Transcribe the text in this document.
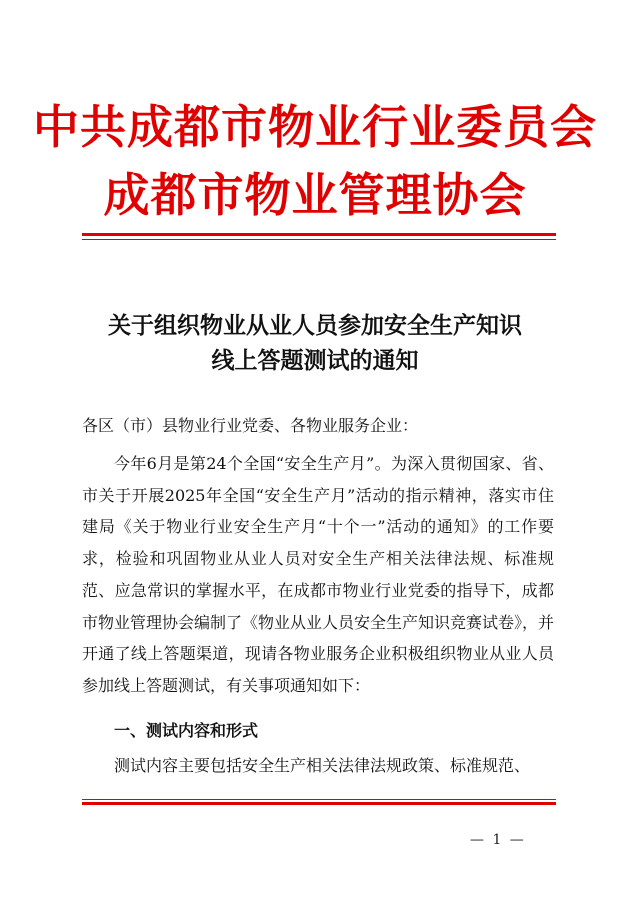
中共成都市物业行业委员会
成都市物业管理协会
关于组织物业从业人员参加安全生产知识
线上答题测试的通知
各区（市）县物业行业党委、各物业服务企业：
今年6月是第24个全国“安全生产月”。为深入贯彻国家、省、市关于开展2025年全国“安全生产月”活动的指示精神，落实市住建局《关于物业行业安全生产月“十个一”活动的通知》的工作要求，检验和巩固物业从业人员对安全生产相关法律法规、标准规范、应急常识的掌握水平，在成都市物业行业党委的指导下，成都市物业管理协会编制了《物业从业人员安全生产知识竞赛试卷》，并开通了线上答题渠道，现请各物业服务企业积极组织物业从业人员参加线上答题测试，有关事项通知如下：
一、测试内容和形式
测试内容主要包括安全生产相关法律法规政策、标准规范、
— 1 —
